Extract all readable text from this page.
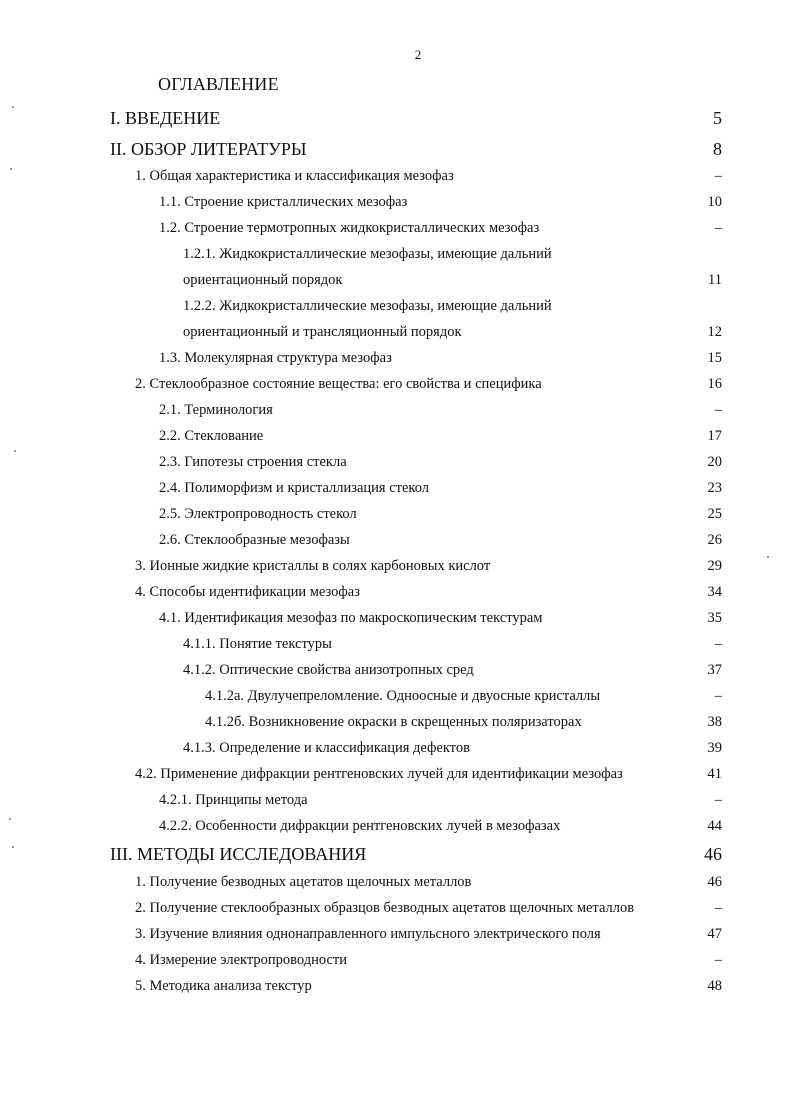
2
ОГЛАВЛЕНИЕ
I. ВВЕДЕНИЕ	5
II. ОБЗОР ЛИТЕРАТУРЫ	8
1. Общая характеристика и классификация мезофаз	–
1.1. Строение кристаллических мезофаз	10
1.2. Строение термотропных жидкокристаллических мезофаз	–
1.2.1. Жидкокристаллические мезофазы, имеющие дальний
ориентационный порядок	11
1.2.2. Жидкокристаллические мезофазы, имеющие дальний
ориентационный и трансляционный порядок	12
1.3. Молекулярная структура мезофаз	15
2. Стеклообразное состояние вещества: его свойства и специфика	16
2.1. Терминология	–
2.2. Стеклование	17
2.3. Гипотезы строения стекла	20
2.4. Полиморфизм и кристаллизация стекол	23
2.5. Электропроводность стекол	25
2.6. Стеклообразные мезофазы	26
3. Ионные жидкие кристаллы в солях карбоновых кислот	29
4. Способы идентификации мезофаз	34
4.1. Идентификация мезофаз по макроскопическим текстурам	35
4.1.1. Понятие текстуры	–
4.1.2. Оптические свойства анизотропных сред	37
4.1.2а. Двулучепреломление. Одноосные и двуосные кристаллы	–
4.1.2б. Возникновение окраски в скрещенных поляризаторах	38
4.1.3. Определение и классификация дефектов	39
4.2. Применение дифракции рентгеновских лучей для идентификации мезофаз	41
4.2.1. Принципы метода	–
4.2.2. Особенности дифракции рентгеновских лучей в мезофазах	44
III. МЕТОДЫ ИССЛЕДОВАНИЯ	46
1. Получение безводных ацетатов щелочных металлов	46
2. Получение стеклообразных образцов безводных ацетатов щелочных металлов	–
3. Изучение влияния однонаправленного импульсного электрического поля	47
4. Измерение электропроводности	–
5. Методика анализа текстур	48
